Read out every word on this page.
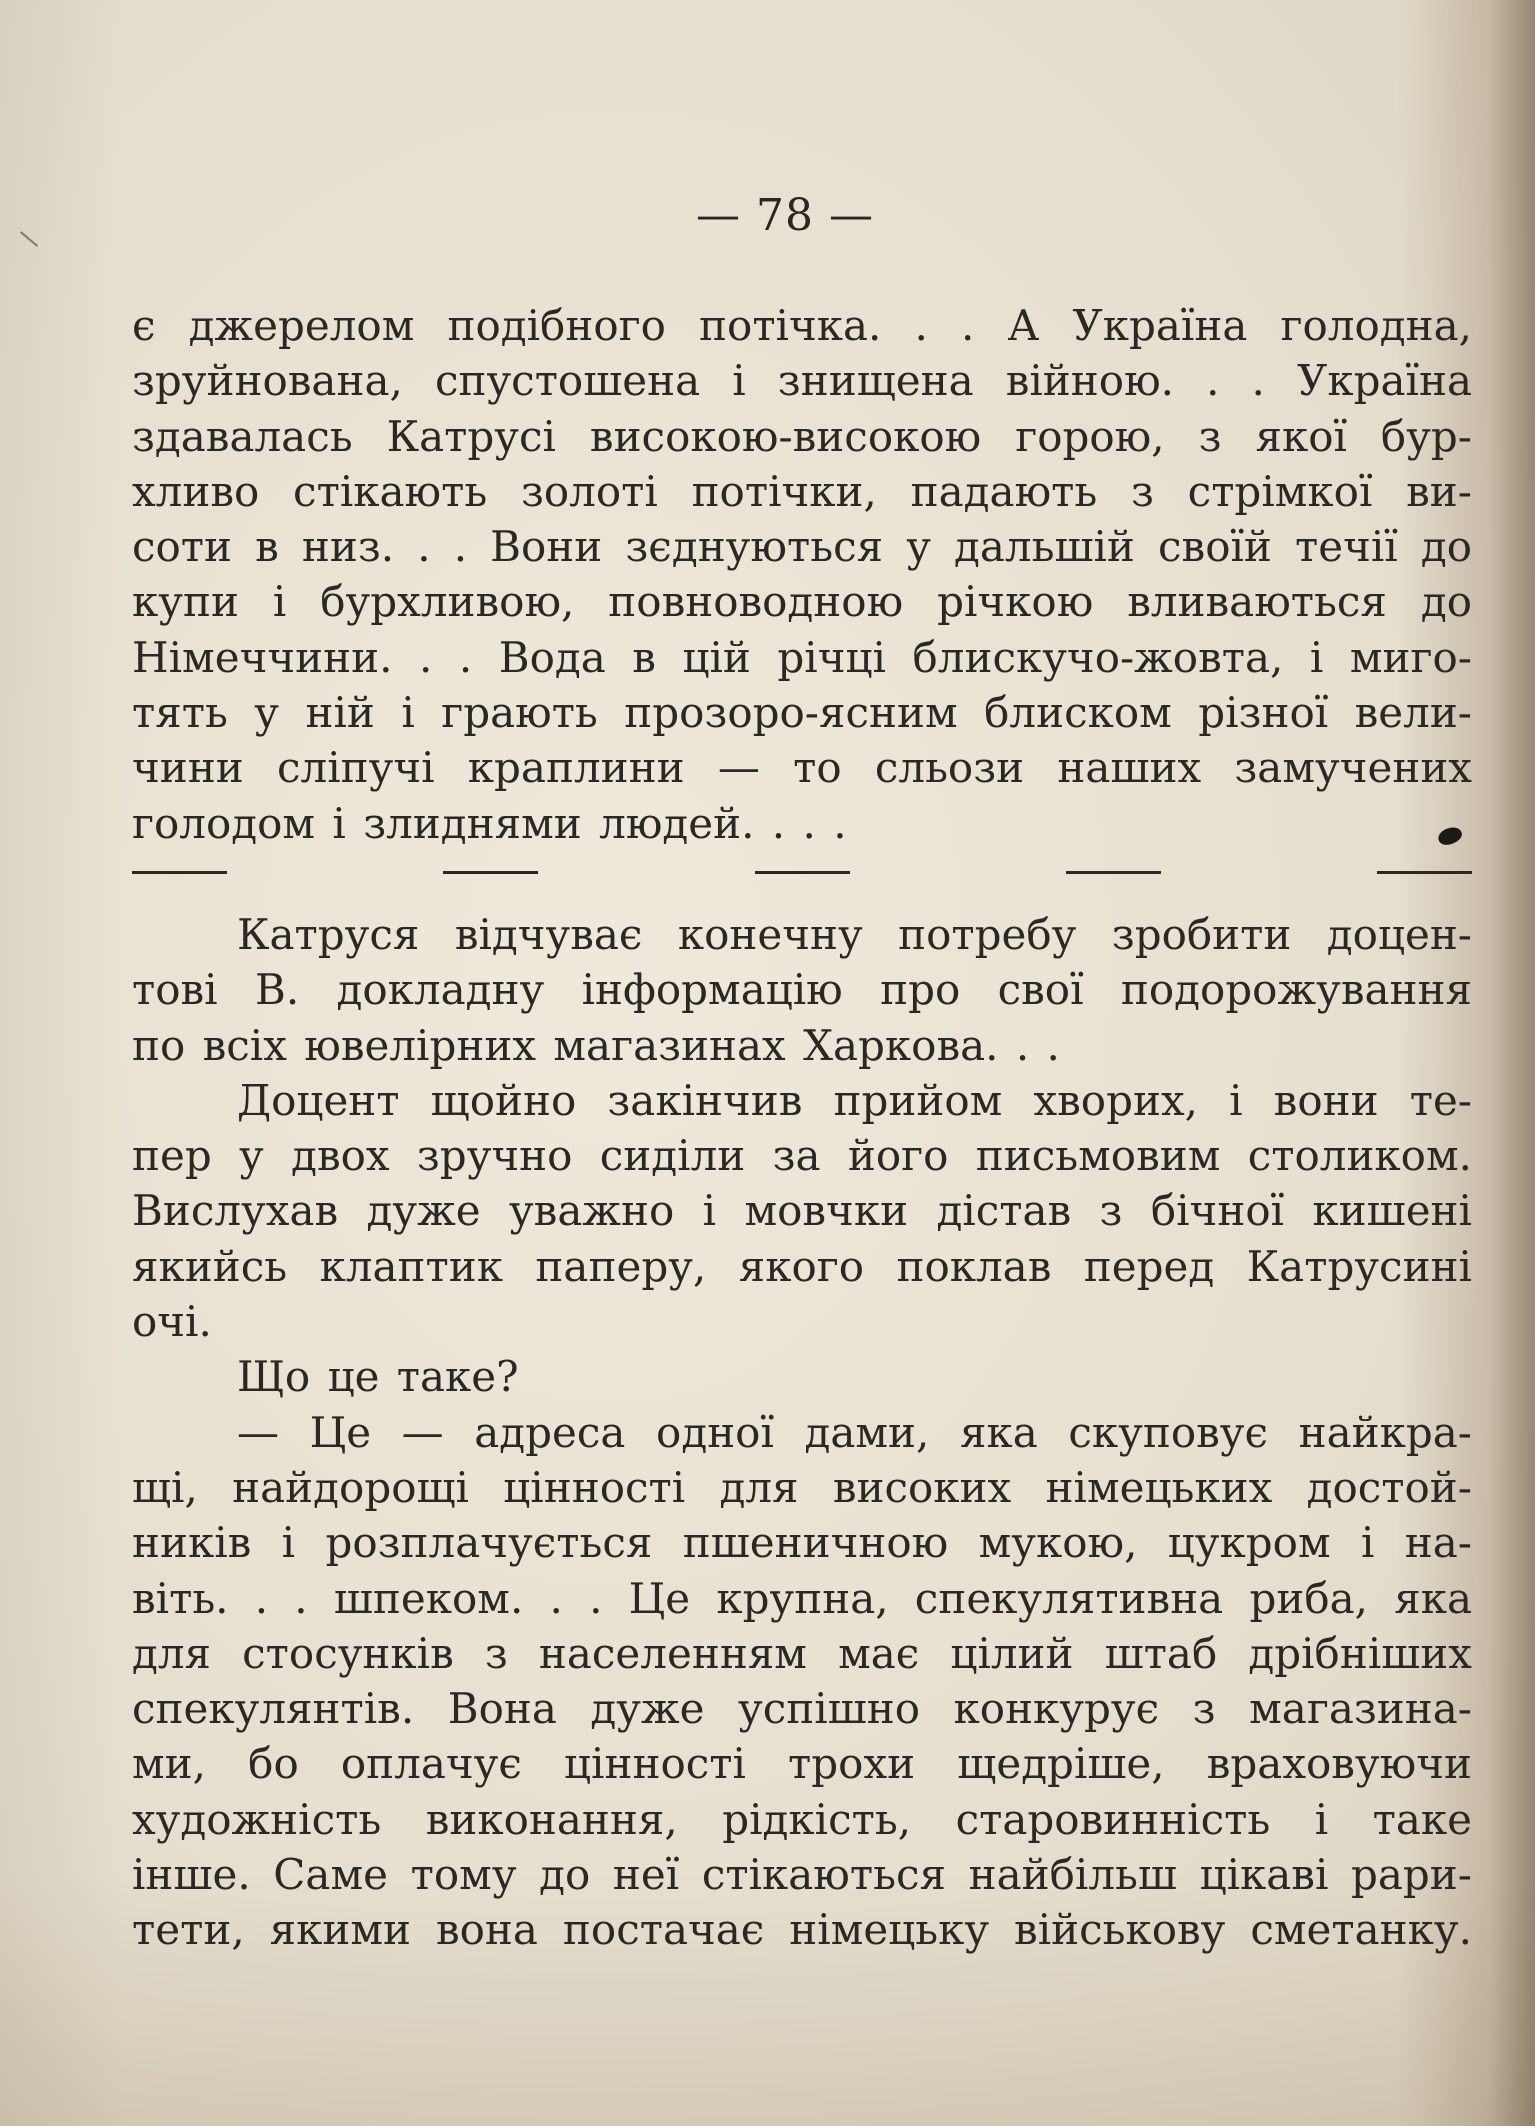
— 78 —
є джерелом подібного потічка. . . А Україна голодна,
зруйнована, спустошена і знищена війною. . . Україна
здавалась Катрусі високою-високою горою, з якої бур-
хливо стікають золоті потічки, падають з стрімкої ви-
соти в низ. . . Вони зєднуються у дальшій своїй течії до
купи і бурхливою, повноводною річкою вливаються до
Німеччини. . . Вода в цій річці блискучо-жовта, і миго-
тять у ній і грають прозоро-ясним блиском різної вели-
чини сліпучі краплини — то сльози наших замучених
голодом і злиднями людей. . . .
Катруся відчуває конечну потребу зробити доцен-
тові В. докладну інформацію про свої подорожування
по всіх ювелірних магазинах Харкова. . .
Доцент щойно закінчив прийом хворих, і вони те-
пер у двох зручно сиділи за його письмовим столиком.
Вислухав дуже уважно і мовчки дістав з бічної кишені
якийсь клаптик паперу, якого поклав перед Катрусині
очі.
Що це таке?
— Це — адреса одної дами, яка скуповує найкра-
щі, найдорощі цінності для високих німецьких достой-
ників і розплачується пшеничною мукою, цукром і на-
віть. . . шпеком. . . Це крупна, спекулятивна риба, яка
для стосунків з населенням має цілий штаб дрібніших
спекулянтів. Вона дуже успішно конкурує з магазина-
ми, бо оплачує цінності трохи щедріше, враховуючи
художність виконання, рідкість, старовинність і таке
інше. Саме тому до неї стікаються найбільш цікаві рари-
тети, якими вона постачає німецьку військову сметанку.
